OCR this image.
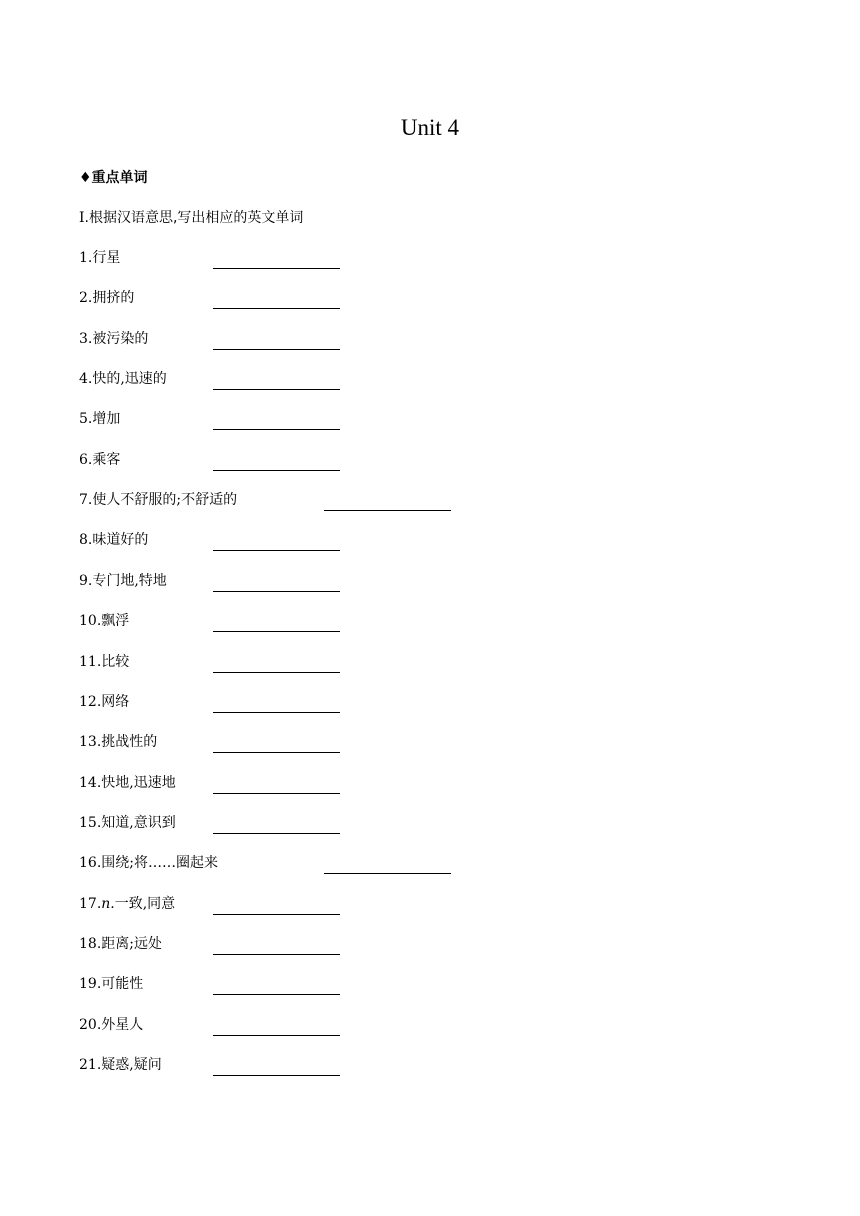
Unit 4
♦重点单词
Ⅰ.根据汉语意思,写出相应的英文单词
1.行星
2.拥挤的
3.被污染的
4.快的,迅速的
5.增加
6.乘客
7.使人不舒服的;不舒适的
8.味道好的
9.专门地,特地
10.飘浮
11.比较
12.网络
13.挑战性的
14.快地,迅速地
15.知道,意识到
16.围绕;将……圈起来
17.n.一致,同意
18.距离;远处
19.可能性
20.外星人
21.疑惑,疑问
